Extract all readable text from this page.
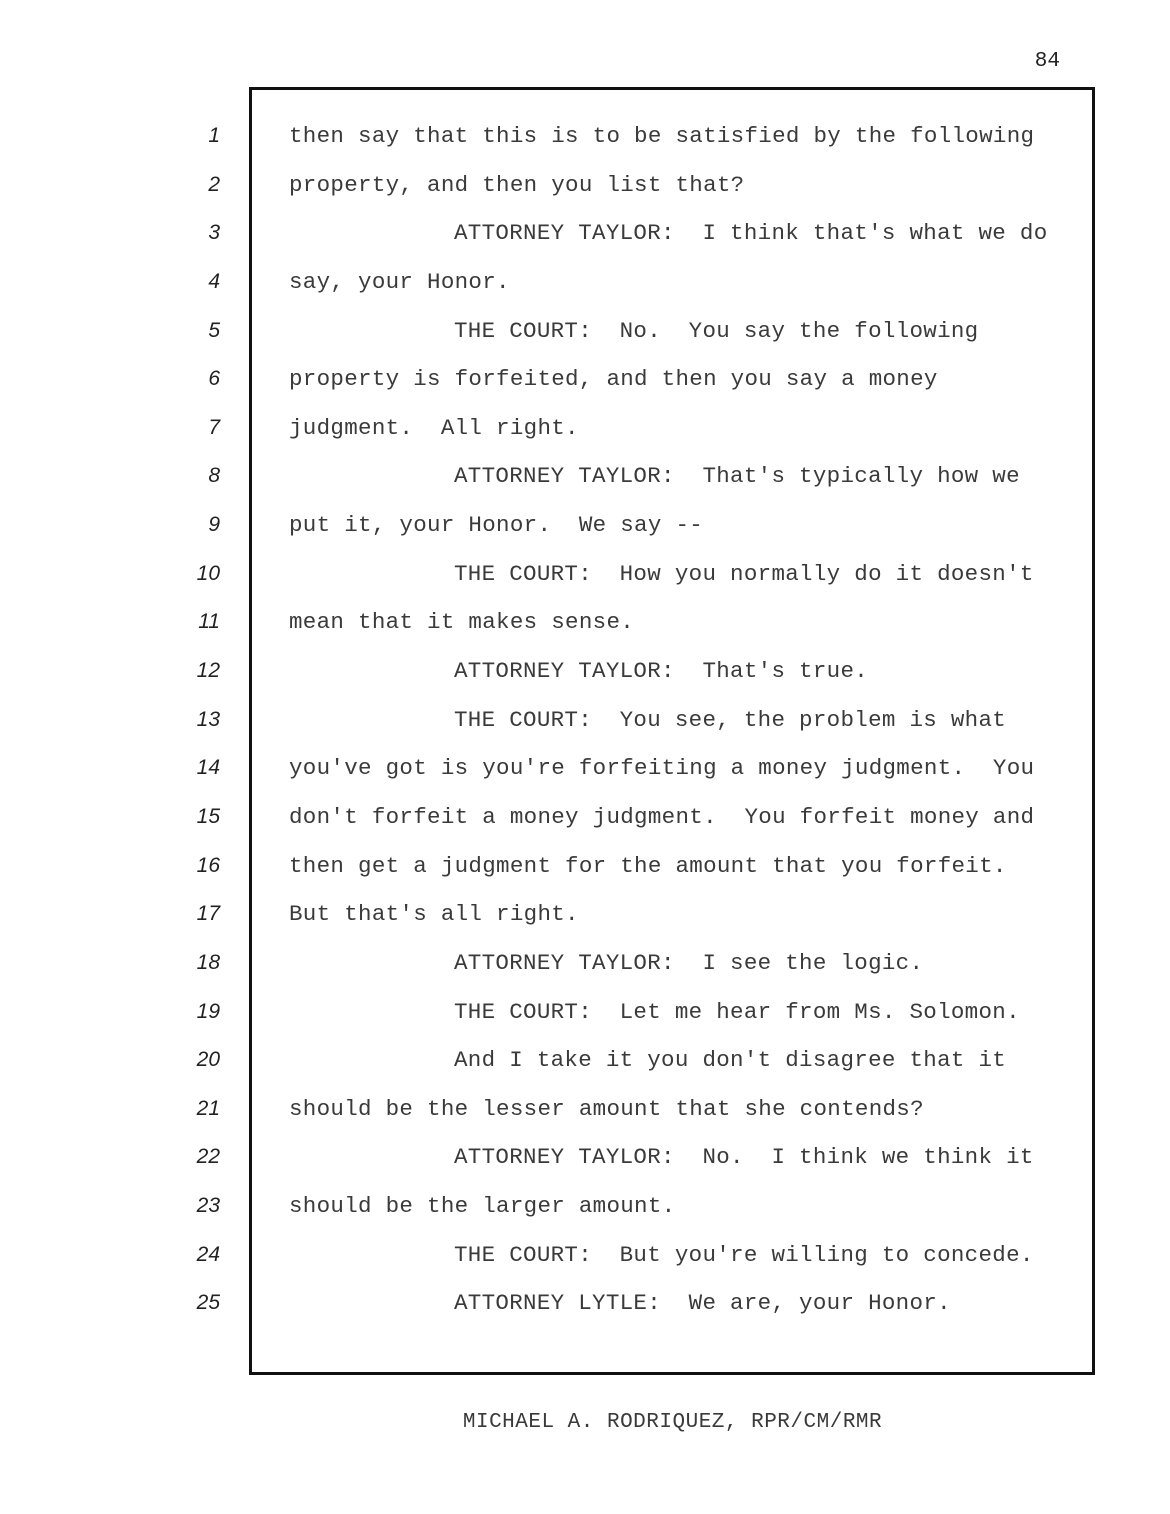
84
1
2
3
4
5
6
7
8
9
10
11
12
13
14
15
16
17
18
19
20
21
22
23
24
25
then say that this is to be satisfied by the following
property, and then you list that?
ATTORNEY TAYLOR:  I think that's what we do
say, your Honor.
THE COURT:  No.  You say the following
property is forfeited, and then you say a money
judgment.  All right.
ATTORNEY TAYLOR:  That's typically how we
put it, your Honor.  We say --
THE COURT:  How you normally do it doesn't
mean that it makes sense.
ATTORNEY TAYLOR:  That's true.
THE COURT:  You see, the problem is what
you've got is you're forfeiting a money judgment.  You
don't forfeit a money judgment.  You forfeit money and
then get a judgment for the amount that you forfeit.
But that's all right.
ATTORNEY TAYLOR:  I see the logic.
THE COURT:  Let me hear from Ms. Solomon.
And I take it you don't disagree that it
should be the lesser amount that she contends?
ATTORNEY TAYLOR:  No.  I think we think it
should be the larger amount.
THE COURT:  But you're willing to concede.
ATTORNEY LYTLE:  We are, your Honor.
MICHAEL A. RODRIQUEZ, RPR/CM/RMR
